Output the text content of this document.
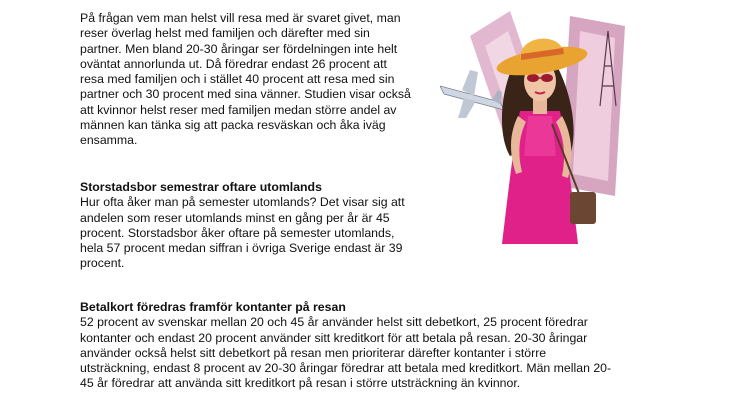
På frågan vem man helst vill resa med är svaret givet, man
reser överlag helst med familjen och därefter med sin
partner. Men bland 20-30 åringar ser fördelningen inte helt
oväntat annorlunda ut. Då föredrar endast 26 procent att
resa med familjen och i stället 40 procent att resa med sin
partner och 30 procent med sina vänner. Studien visar också
att kvinnor helst reser med familjen medan större andel av
männen kan tänka sig att packa resväskan och åka iväg
ensamma.
Storstadsbor semestrar oftare utomlands
Hur ofta åker man på semester utomlands? Det visar sig att
andelen som reser utomlands minst en gång per år är 45
procent. Storstadsbor åker oftare på semester utomlands,
hela 57 procent medan siffran i övriga Sverige endast är 39
procent.
Betalkort föredras framför kontanter på resan
52 procent av svenskar mellan 20 och 45 år använder helst sitt debetkort, 25 procent föredrar
kontanter och endast 20 procent använder sitt kreditkort för att betala på resan. 20-30 åringar
använder också helst sitt debetkort på resan men prioriterar därefter kontanter i större
utsträckning, endast 8 procent av 20-30 åringar föredrar att betala med kreditkort. Män mellan 20-
45 år föredrar att använda sitt kreditkort på resan i större utsträckning än kvinnor.
